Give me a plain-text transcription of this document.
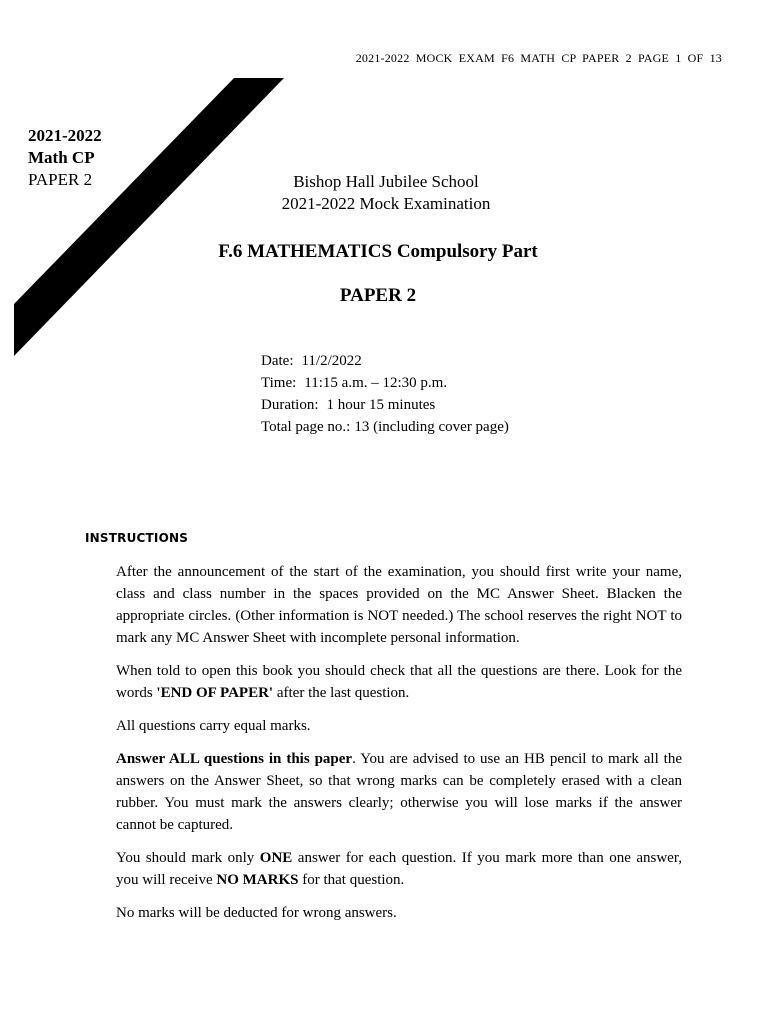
2021-2022 MOCK EXAM F6 MATH CP PAPER 2 PAGE 1 OF 13
2021-2022
Math CP
PAPER 2	Bishop Hall Jubilee School
2021-2022 Mock Examination
F.6 MATHEMATICS Compulsory Part
PAPER 2
Date: 11/2/2022
Time: 11:15 a.m. – 12:30 p.m.
Duration: 1 hour 15 minutes
Total page no.: 13 (including cover page)
INSTRUCTIONS

After the announcement of the start of the examination, you should first write your name, class and class number in the spaces provided on the MC Answer Sheet. Blacken the appropriate circles. (Other information is NOT needed.) The school reserves the right NOT to mark any MC Answer Sheet with incomplete personal information.

When told to open this book you should check that all the questions are there. Look for the words 'END OF PAPER' after the last question.

All questions carry equal marks.

Answer ALL questions in this paper. You are advised to use an HB pencil to mark all the answers on the Answer Sheet, so that wrong marks can be completely erased with a clean rubber. You must mark the answers clearly; otherwise you will lose marks if the answer cannot be captured.

You should mark only ONE answer for each question. If you mark more than one answer, you will receive NO MARKS for that question.

No marks will be deducted for wrong answers.
